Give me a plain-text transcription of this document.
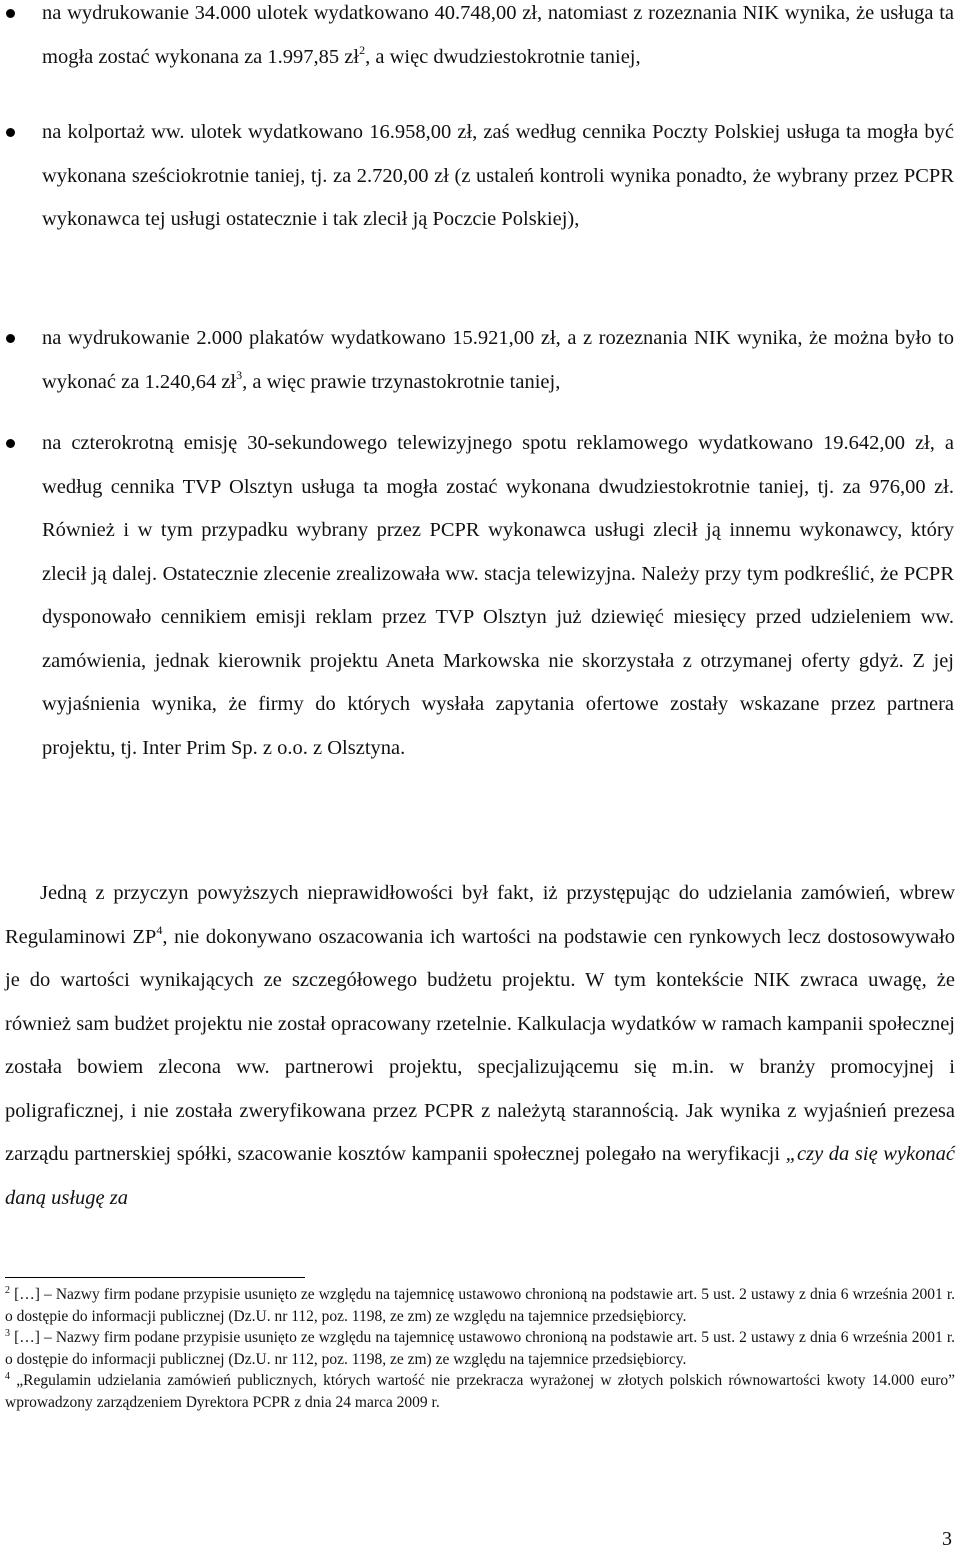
na wydrukowanie 34.000 ulotek wydatkowano 40.748,00 zł, natomiast z rozeznania NIK wynika, że usługa ta mogła zostać wykonana za 1.997,85 $zł^2$, a więc dwudziestokrotnie taniej,

na kolportaż ww. ulotek wydatkowano 16.958,00 zł, zaś według cennika Poczty Polskiej usługa ta mogła być wykonana sześciokrotnie taniej, tj. za 2.720,00 zł (z ustaleń kontroli wynika ponadto, że wybrany przez PCPR wykonawca tej usługi ostatecznie i tak zlecił ją Poczcie Polskiej),

na wydrukowanie 2.000 plakatów wydatkowano 15.921,00 zł, a z rozeznania NIK wynika, że można było to wykonać za 1.240,64 $zł^3$, a więc prawie trzynastokrotnie taniej,

na czterokrotną emisję 30-sekundowego telewizyjnego spotu reklamowego wydatkowano 19.642,00 zł, a według cennika TVP Olsztyn usługa ta mogła zostać wykonana dwudziestokrotnie taniej, tj. za 976,00 zł. Również i w tym przypadku wybrany przez PCPR wykonawca usługi zlecił ją innemu wykonawcy, który zlecił ją dalej. Ostatecznie zlecenie zrealizowała ww. stacja telewizyjna. Należy przy tym podkreślić, że PCPR dysponowało cennikiem emisji reklam przez TVP Olsztyn już dziewięć miesięcy przed udzieleniem ww. zamówienia, jednak kierownik projektu Aneta Markowska nie skorzystała z otrzymanej oferty gdyż. Z jej wyjaśnienia wynika, że firmy do których wysłała zapytania ofertowe zostały wskazane przez partnera projektu, tj. Inter Prim Sp. z o.o. z Olsztyna.

Jedną z przyczyn powyższych nieprawidłowości był fakt, iż przystępując do udzielania zamówień, wbrew Regulaminowi $ZP^4$, nie dokonywano oszacowania ich wartości na podstawie cen rynkowych lecz dostosowywało je do wartości wynikających ze szczegółowego budżetu projektu. W tym kontekście NIK zwraca uwagę, że również sam budżet projektu nie został opracowany rzetelnie. Kalkulacja wydatków w ramach kampanii społecznej została bowiem zlecona ww. partnerowi projektu, specjalizującemu się m.in. w branży promocyjnej i poligraficznej, i nie została zweryfikowana przez PCPR z należytą starannością. Jak wynika z wyjaśnień prezesa zarządu partnerskiej spółki, szacowanie kosztów kampanii społecznej polegało na weryfikacji „czy da się wykonać daną usługę za

$^2$ […] – Nazwy firm podane przypisie usunięto ze względu na tajemnicę ustawowo chronioną na podstawie art. 5 ust. 2 ustawy z dnia 6 września 2001 r. o dostępie do informacji publicznej (Dz.U. nr 112, poz. 1198, ze zm) ze względu na tajemnice przedsiębiorcy.

$^3$ […] – Nazwy firm podane przypisie usunięto ze względu na tajemnicę ustawowo chronioną na podstawie art. 5 ust. 2 ustawy z dnia 6 września 2001 r. o dostępie do informacji publicznej (Dz.U. nr 112, poz. 1198, ze zm) ze względu na tajemnice przedsiębiorcy.

$^4$ „Regulamin udzielania zamówień publicznych, których wartość nie przekracza wyrażonej w złotych polskich równowartości kwoty 14.000 euro” wprowadzony zarządzeniem Dyrektora PCPR z dnia 24 marca 2009 r.

3
